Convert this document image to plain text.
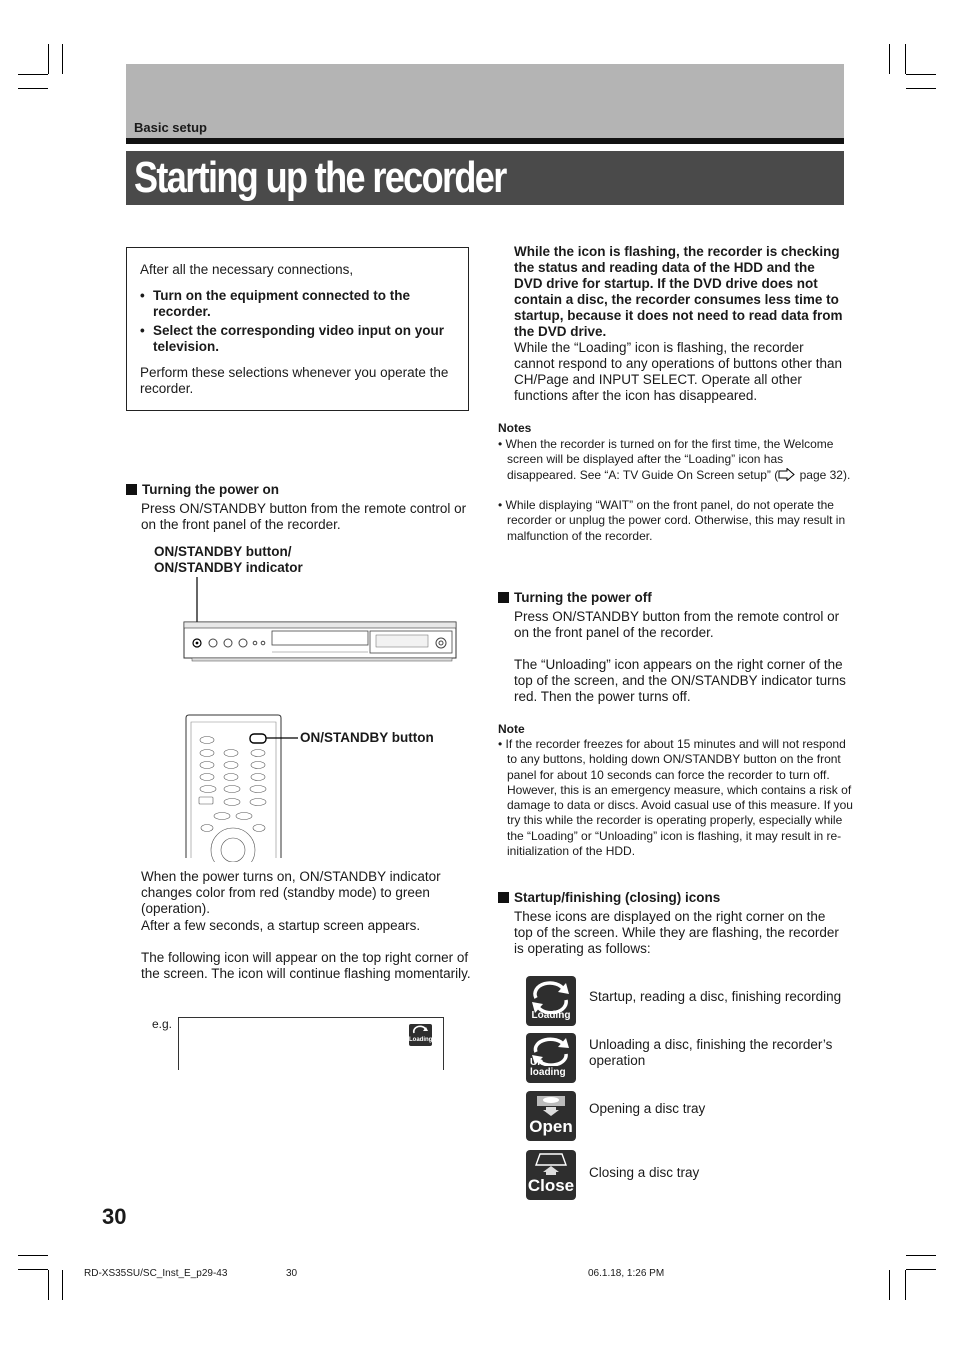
Basic setup
Starting up the recorder

After all the necessary connections,

• Turn on the equipment connected to the recorder.
• Select the corresponding video input on your television.

Perform these selections whenever you operate the recorder.

Turning the power on
Press ON/STANDBY button from the remote control or on the front panel of the recorder.
ON/STANDBY button/ ON/STANDBY indicator
ON/STANDBY button
When the power turns on, ON/STANDBY indicator changes color from red (standby mode) to green (operation).
After a few seconds, a startup screen appears.
The following icon will appear on the top right corner of the screen. The icon will continue flashing momentarily.
e.g.
Loading
While the icon is flashing, the recorder is checking the status and reading data of the HDD and the DVD drive for startup. If the DVD drive does not contain a disc, the recorder consumes less time to startup, because it does not need to read data from the DVD drive.
While the “Loading” icon is flashing, the recorder cannot respond to any operations of buttons other than CH/Page and INPUT SELECT. Operate all other functions after the icon has disappeared.
Notes
• When the recorder is turned on for the first time, the Welcome screen will be displayed after the “Loading” icon has disappeared. See “A: TV Guide On Screen setup” ( page 32).
• While displaying “WAIT” on the front panel, do not operate the recorder or unplug the power cord. Otherwise, this may result in malfunction of the recorder.
Turning the power off
Press ON/STANDBY button from the remote control or on the front panel of the recorder.
The “Unloading” icon appears on the right corner of the top of the screen, and the ON/STANDBY indicator turns red. Then the power turns off.
Note
• If the recorder freezes for about 15 minutes and will not respond to any buttons, holding down ON/STANDBY button on the front panel for about 10 seconds can force the recorder to turn off. However, this is an emergency measure, which contains a risk of damage to data or discs. Avoid casual use of this measure. If you try this while the recorder is operating properly, especially while the “Loading” or “Unloading” icon is flashing, it may result in re-initialization of the HDD.
Startup/finishing (closing) icons
These icons are displayed on the right corner on the top of the screen. While they are flashing, the recorder is operating as follows:
Loading
Startup, reading a disc, finishing recording
Un loading
Unloading a disc, finishing the recorder’s operation
Open
Opening a disc tray
Close
Closing a disc tray
30
RD-XS35SU/SC_Inst_E_p29-43	30	06.1.18, 1:26 PM
